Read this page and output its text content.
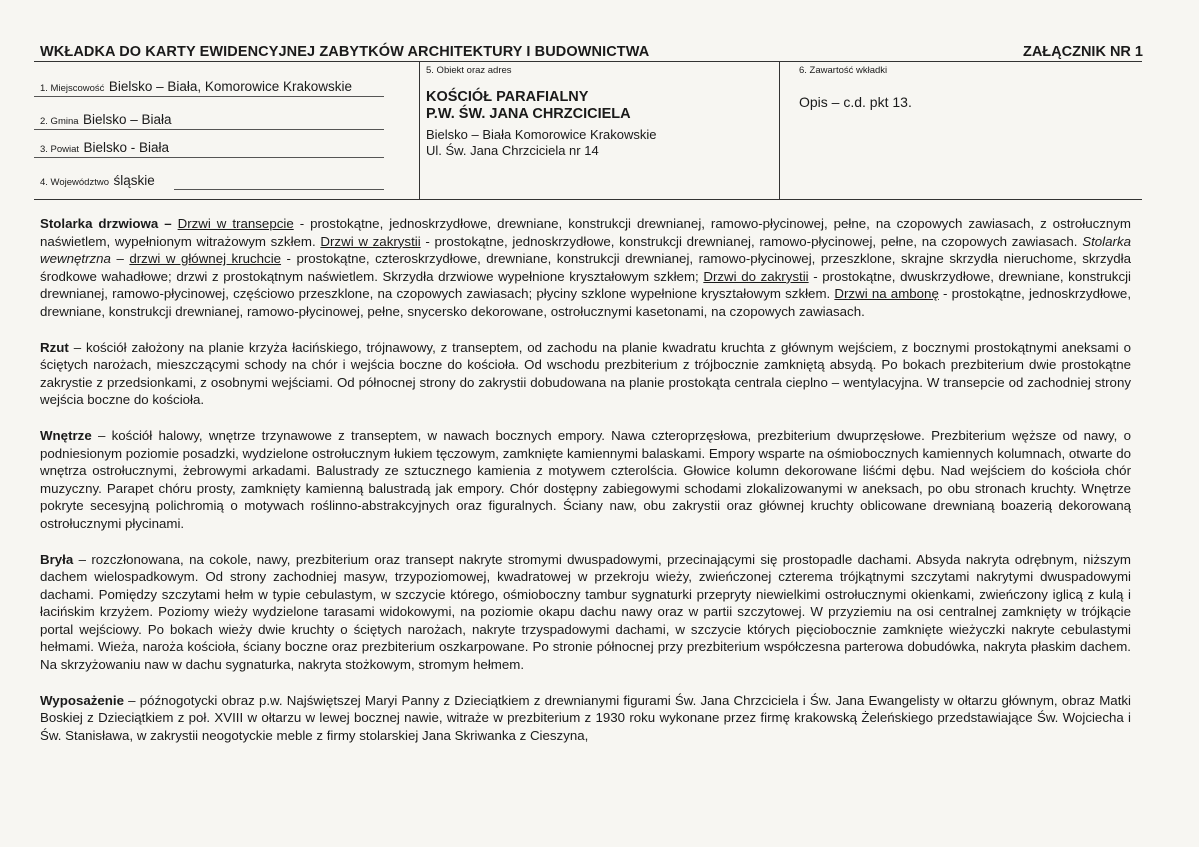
WKŁADKA DO KARTY EWIDENCYJNEJ ZABYTKÓW ARCHITEKTURY I BUDOWNICTWA	ZAŁĄCZNIK NR 1
1. Miejscowość Bielsko – Biała, Komorowice Krakowskie
2. Gmina Bielsko – Biała
3. Powiat Bielsko - Biała
4. Województwo śląskie
5. Obiekt oraz adres
KOŚCIÓŁ PARAFIALNY
P.W. ŚW. JANA CHRZCICIELA
Bielsko – Biała Komorowice Krakowskie
Ul. Św. Jana Chrzciciela nr 14
6. Zawartość wkładki
Opis – c.d. pkt 13.

Stolarka drzwiowa – Drzwi w transepcie - prostokątne, jednoskrzydłowe, drewniane, konstrukcji drewnianej, ramowo-płycinowej, pełne, na czopowych zawiasach, z ostrołucznym naświetlem, wypełnionym witrażowym szkłem. Drzwi w zakrystii - prostokątne, jednoskrzydłowe, konstrukcji drewnianej, ramowo-płycinowej, pełne, na czopowych zawiasach. Stolarka wewnętrzna – drzwi w głównej kruchcie - prostokątne, czteroskrzydłowe, drewniane, konstrukcji drewnianej, ramowo-płycinowej, przeszklone, skrajne skrzydła nieruchome, skrzydła środkowe wahadłowe; drzwi z prostokątnym naświetlem. Skrzydła drzwiowe wypełnione kryształowym szkłem; Drzwi do zakrystii - prostokątne, dwuskrzydłowe, drewniane, konstrukcji drewnianej, ramowo-płycinowej, częściowo przeszklone, na czopowych zawiasach; płyciny szklone wypełnione kryształowym szkłem. Drzwi na ambonę - prostokątne, jednoskrzydłowe, drewniane, konstrukcji drewnianej, ramowo-płycinowej, pełne, snycersko dekorowane, ostrołucznymi kasetonami, na czopowych zawiasach.

Rzut – kościół założony na planie krzyża łacińskiego, trójnawowy, z transeptem, od zachodu na planie kwadratu kruchta z głównym wejściem, z bocznymi prostokątnymi aneksami o ściętych narożach, mieszczącymi schody na chór i wejścia boczne do kościoła. Od wschodu prezbiterium z trójbocznie zamkniętą absydą. Po bokach prezbiterium dwie prostokątne zakrystie z przedsionkami, z osobnymi wejściami. Od północnej strony do zakrystii dobudowana na planie prostokąta centrala cieplno – wentylacyjna. W transepcie od zachodniej strony wejścia boczne do kościoła.

Wnętrze – kościół halowy, wnętrze trzynawowe z transeptem, w nawach bocznych empory. Nawa czteroprzęsłowa, prezbiterium dwuprzęsłowe. Prezbiterium węższe od nawy, o podniesionym poziomie posadzki, wydzielone ostrołucznym łukiem tęczowym, zamknięte kamiennymi balaskami. Empory wsparte na ośmiobocznych kamiennych kolumnach, otwarte do wnętrza ostrołucznymi, żebrowymi arkadami. Balustrady ze sztucznego kamienia z motywem czterolścia. Głowice kolumn dekorowane liśćmi dębu. Nad wejściem do kościoła chór muzyczny. Parapet chóru prosty, zamknięty kamienną balustradą jak empory. Chór dostępny zabiegowymi schodami zlokalizowanymi w aneksach, po obu stronach kruchty. Wnętrze pokryte secesyjną polichromią o motywach roślinno-abstrakcyjnych oraz figuralnych. Ściany naw, obu zakrystii oraz głównej kruchty oblicowane drewnianą boazerią dekorowaną ostrołucznymi płycinami.

Bryła – rozczłonowana, na cokole, nawy, prezbiterium oraz transept nakryte stromymi dwuspadowymi, przecinającymi się prostopadle dachami. Absyda nakryta odrębnym, niższym dachem wielospadkowym. Od strony zachodniej masyw, trzypoziomowej, kwadratowej w przekroju wieży, zwieńczonej czterema trójkątnymi szczytami nakrytymi dwuspadowymi dachami. Pomiędzy szczytami hełm w typie cebulastym, w szczycie którego, ośmioboczny tambur sygnaturki przeprуty niewielkimi ostrołucznymi okienkami, zwieńczony iglicą z kulą i łacińskim krzyżem. Poziomy wieży wydzielone tarasami widokowymi, na poziomie okapu dachu nawy oraz w partii szczytowej. W przyziemiu na osi centralnej zamknięty w trójkącie portal wejściowy. Po bokach wieży dwie kruchty o ściętych narożach, nakryte trzyspadowymi dachami, w szczycie których pięciobocznie zamknięte wieżyczki nakryte cebulastymi hełmami. Wieża, naroża kościoła, ściany boczne oraz prezbiterium oszkarpowane. Po stronie północnej przy prezbiterium współczesna parterowa dobudówka, nakryta płaskim dachem. Na skrzyżowaniu naw w dachu sygnaturka, nakryta stożkowym, stromym hełmem.

Wyposażenie – późnogotycki obraz p.w. Najświętszej Maryi Panny z Dzieciątkiem z drewnianymi figurami Św. Jana Chrzciciela i Św. Jana Ewangelisty w ołtarzu głównym, obraz Matki Boskiej z Dzieciątkiem z poł. XVIII w ołtarzu w lewej bocznej nawie, witraże w prezbiterium z 1930 roku wykonane przez firmę krakowską Żeleńskiego przedstawiające Św. Wojciecha i Św. Stanisława, w zakrystii neogotyckie meble z firmy stolarskiej Jana Skriwanka z Cieszyna,
